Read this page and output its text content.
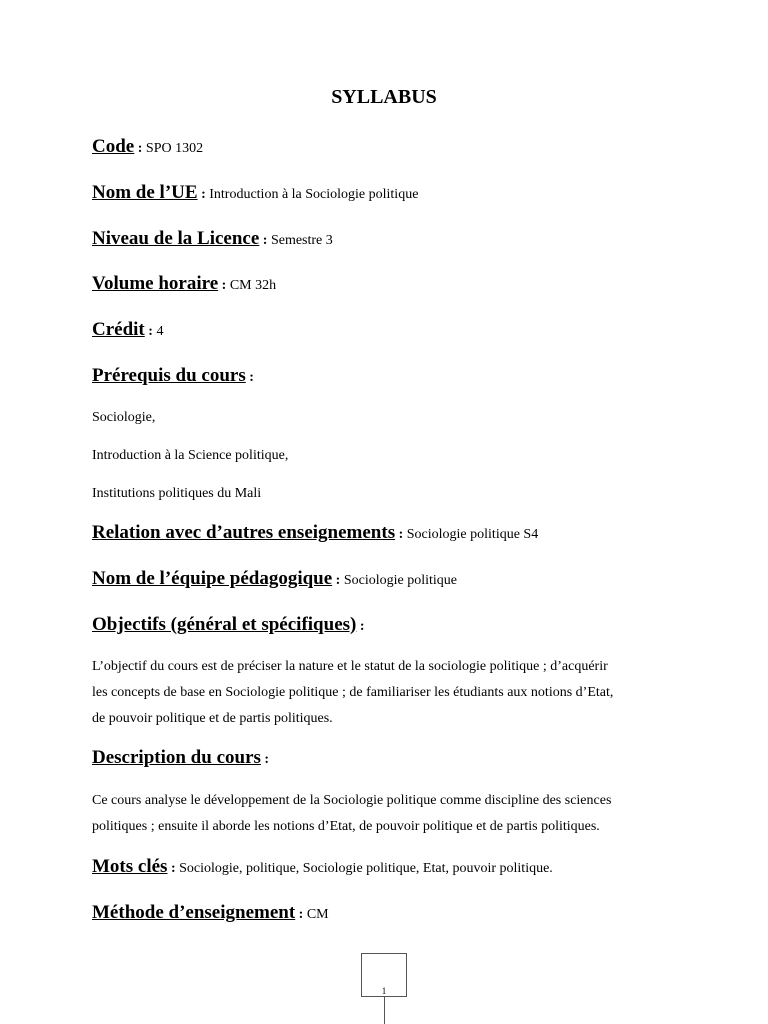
SYLLABUS
Code : SPO 1302
Nom de l’UE : Introduction à la Sociologie politique
Niveau de la Licence : Semestre 3
Volume horaire : CM 32h
Crédit : 4
Prérequis du cours :
Sociologie,
Introduction à la Science politique,
Institutions politiques du Mali
Relation avec d’autres enseignements : Sociologie politique S4
Nom de l’équipe pédagogique : Sociologie politique
Objectifs (général et spécifiques) :
L’objectif du cours est de préciser la nature et le statut de la sociologie politique ; d’acquérir
les concepts de base en Sociologie politique ; de familiariser les étudiants aux notions d’Etat,
de pouvoir politique et de partis politiques.
Description du cours :
Ce cours analyse le développement de la Sociologie politique comme discipline des sciences
politiques ; ensuite il aborde les notions d’Etat, de pouvoir politique et de partis politiques.
Mots clés : Sociologie, politique, Sociologie politique, Etat, pouvoir politique.
Méthode d’enseignement : CM
1
